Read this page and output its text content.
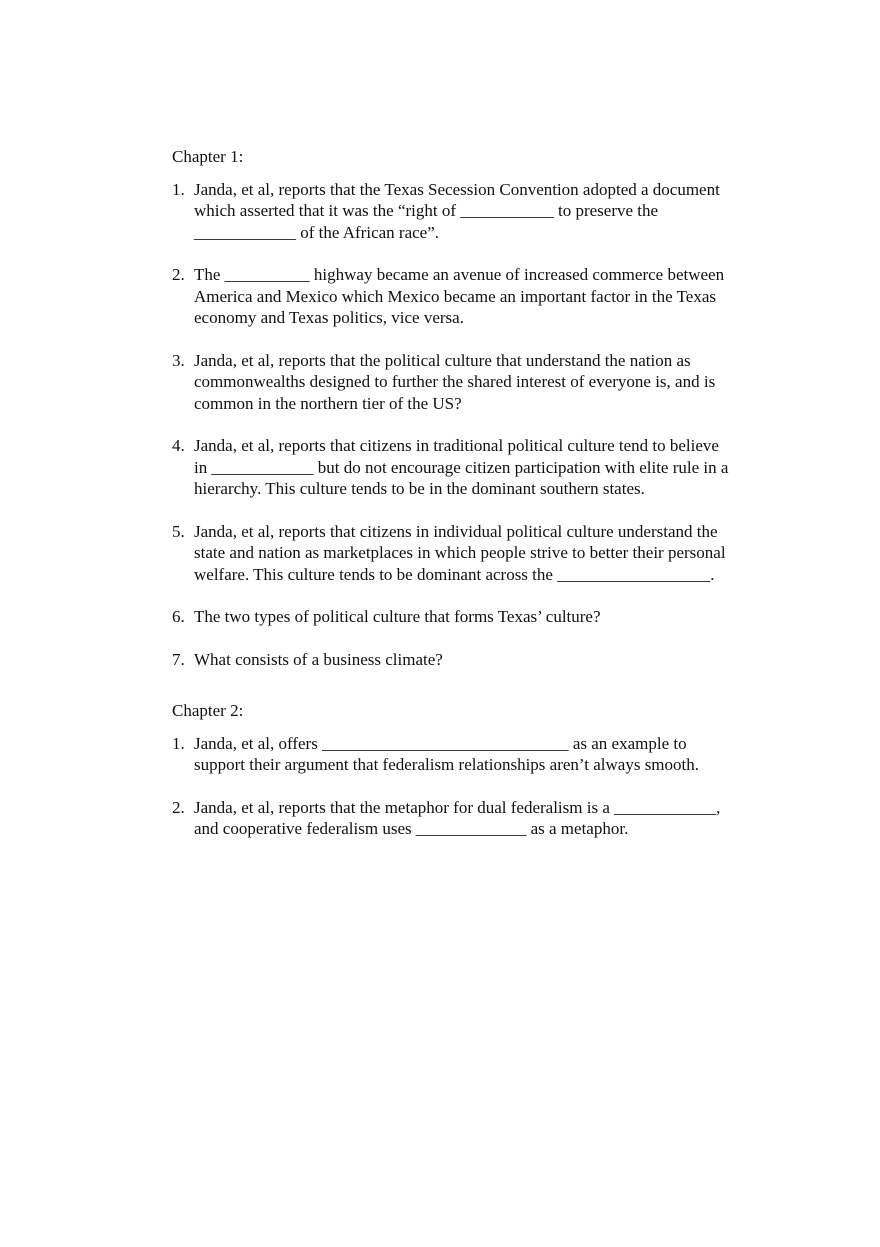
Chapter 1:
1. Janda, et al, reports that the Texas Secession Convention adopted a document which asserted that it was the “right of ___________ to preserve the ____________ of the African race”.
2. The __________ highway became an avenue of increased commerce between America and Mexico which Mexico became an important factor in the Texas economy and Texas politics, vice versa.
3. Janda, et al, reports that the political culture that understand the nation as commonwealths designed to further the shared interest of everyone is, and is common in the northern tier of the US?
4. Janda, et al, reports that citizens in traditional political culture tend to believe in ____________ but do not encourage citizen participation with elite rule in a hierarchy. This culture tends to be in the dominant southern states.
5. Janda, et al, reports that citizens in individual political culture understand the state and nation as marketplaces in which people strive to better their personal welfare. This culture tends to be dominant across the __________________.
6. The two types of political culture that forms Texas’ culture?
7. What consists of a business climate?
Chapter 2:
1. Janda, et al, offers _____________________________ as an example to support their argument that federalism relationships aren’t always smooth.
2. Janda, et al, reports that the metaphor for dual federalism is a ____________, and cooperative federalism uses _____________ as a metaphor.
